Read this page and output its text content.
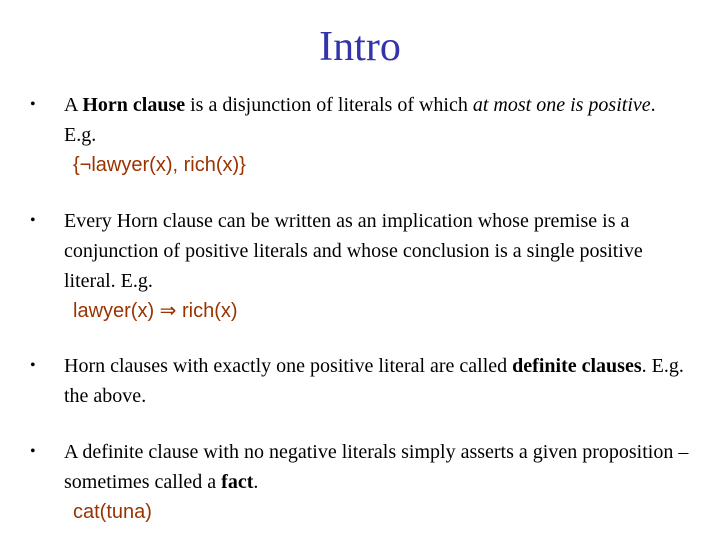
Intro
•	A Horn clause is a disjunction of literals of which at most one is positive. E.g.
{¬lawyer(x), rich(x)}
•	Every Horn clause can be written as an implication whose premise is a conjunction of positive literals and whose conclusion is a single positive literal. E.g.
lawyer(x) ⇒ rich(x)
•	Horn clauses with exactly one positive literal are called definite clauses. E.g. the above.
•	A definite clause with no negative literals simply asserts a given proposition – sometimes called a fact.
cat(tuna)
